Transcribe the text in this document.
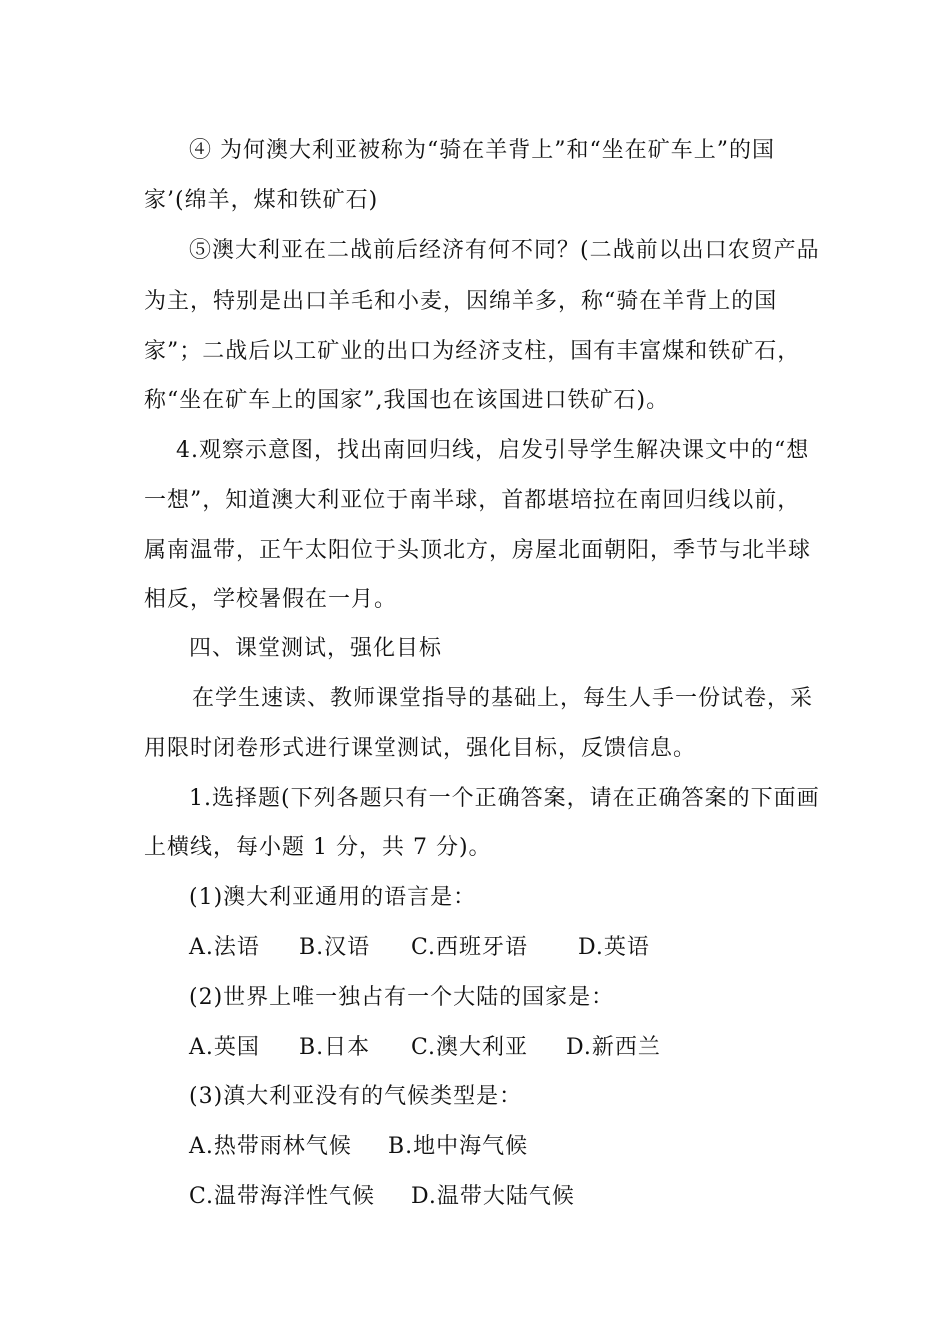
④ 为何澳大利亚被称为“骑在羊背上”和“坐在矿车上”的国
家’(绵羊，煤和铁矿石)
⑤澳大利亚在二战前后经济有何不同？(二战前以出口农贸产品
为主，特别是出口羊毛和小麦，因绵羊多，称“骑在羊背上的国
家”；二战后以工矿业的出口为经济支柱，国有丰富煤和铁矿石，
称“坐在矿车上的国家”,我国也在该国进口铁矿石)。
4.观察示意图，找出南回归线，启发引导学生解决课文中的“想
一想”，知道澳大利亚位于南半球，首都堪培拉在南回归线以前，
属南温带，正午太阳位于头顶北方，房屋北面朝阳，季节与北半球
相反，学校暑假在一月。
四、课堂测试，强化目标
在学生速读、教师课堂指导的基础上，每生人手一份试卷，采
用限时闭卷形式进行课堂测试，强化目标，反馈信息。
1.选择题(下列各题只有一个正确答案，请在正确答案的下面画
上横线，每小题 1 分，共 7 分)。
(1)澳大利亚通用的语言是：
A.法语 B.汉语 C.西班牙语 D.英语
(2)世界上唯一独占有一个大陆的国家是：
A.英国 B.日本 C.澳大利亚 D.新西兰
(3)滇大利亚没有的气候类型是：
A.热带雨林气候 B.地中海气候
C.温带海洋性气候 D.温带大陆气候
